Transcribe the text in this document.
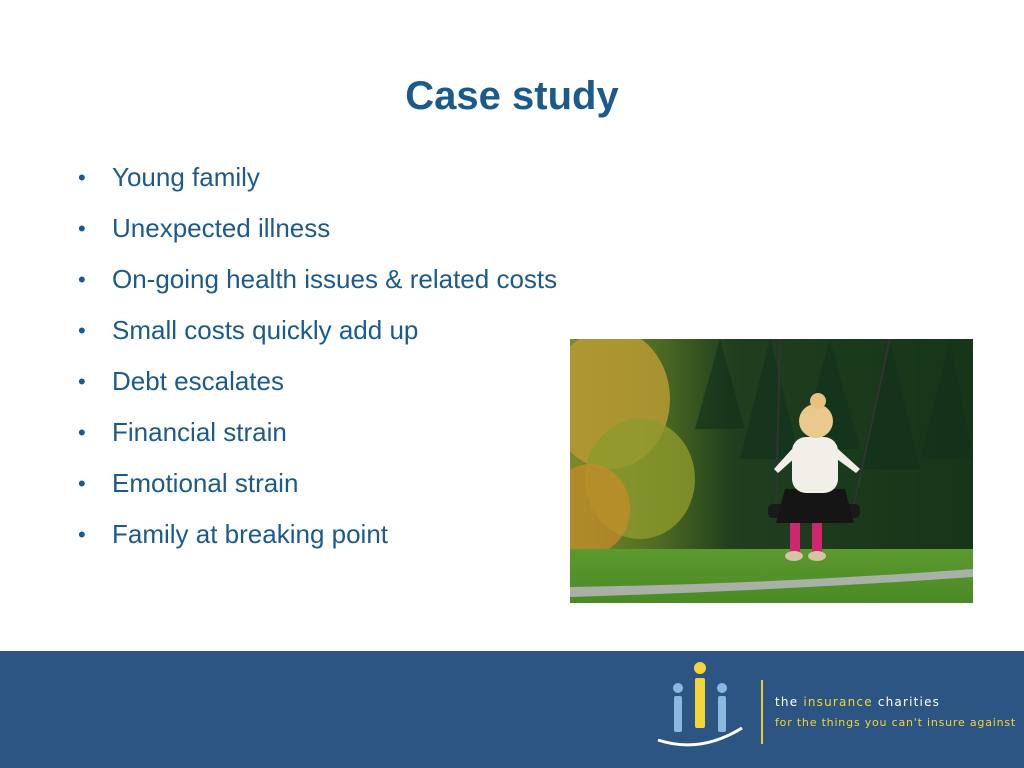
Case study
•	Young family
•	Unexpected illness
•	On-going health issues & related costs
•	Small costs quickly add up
•	Debt escalates
•	Financial strain
•	Emotional strain
•	Family at breaking point
the insurance charities
for the things you can't insure against
